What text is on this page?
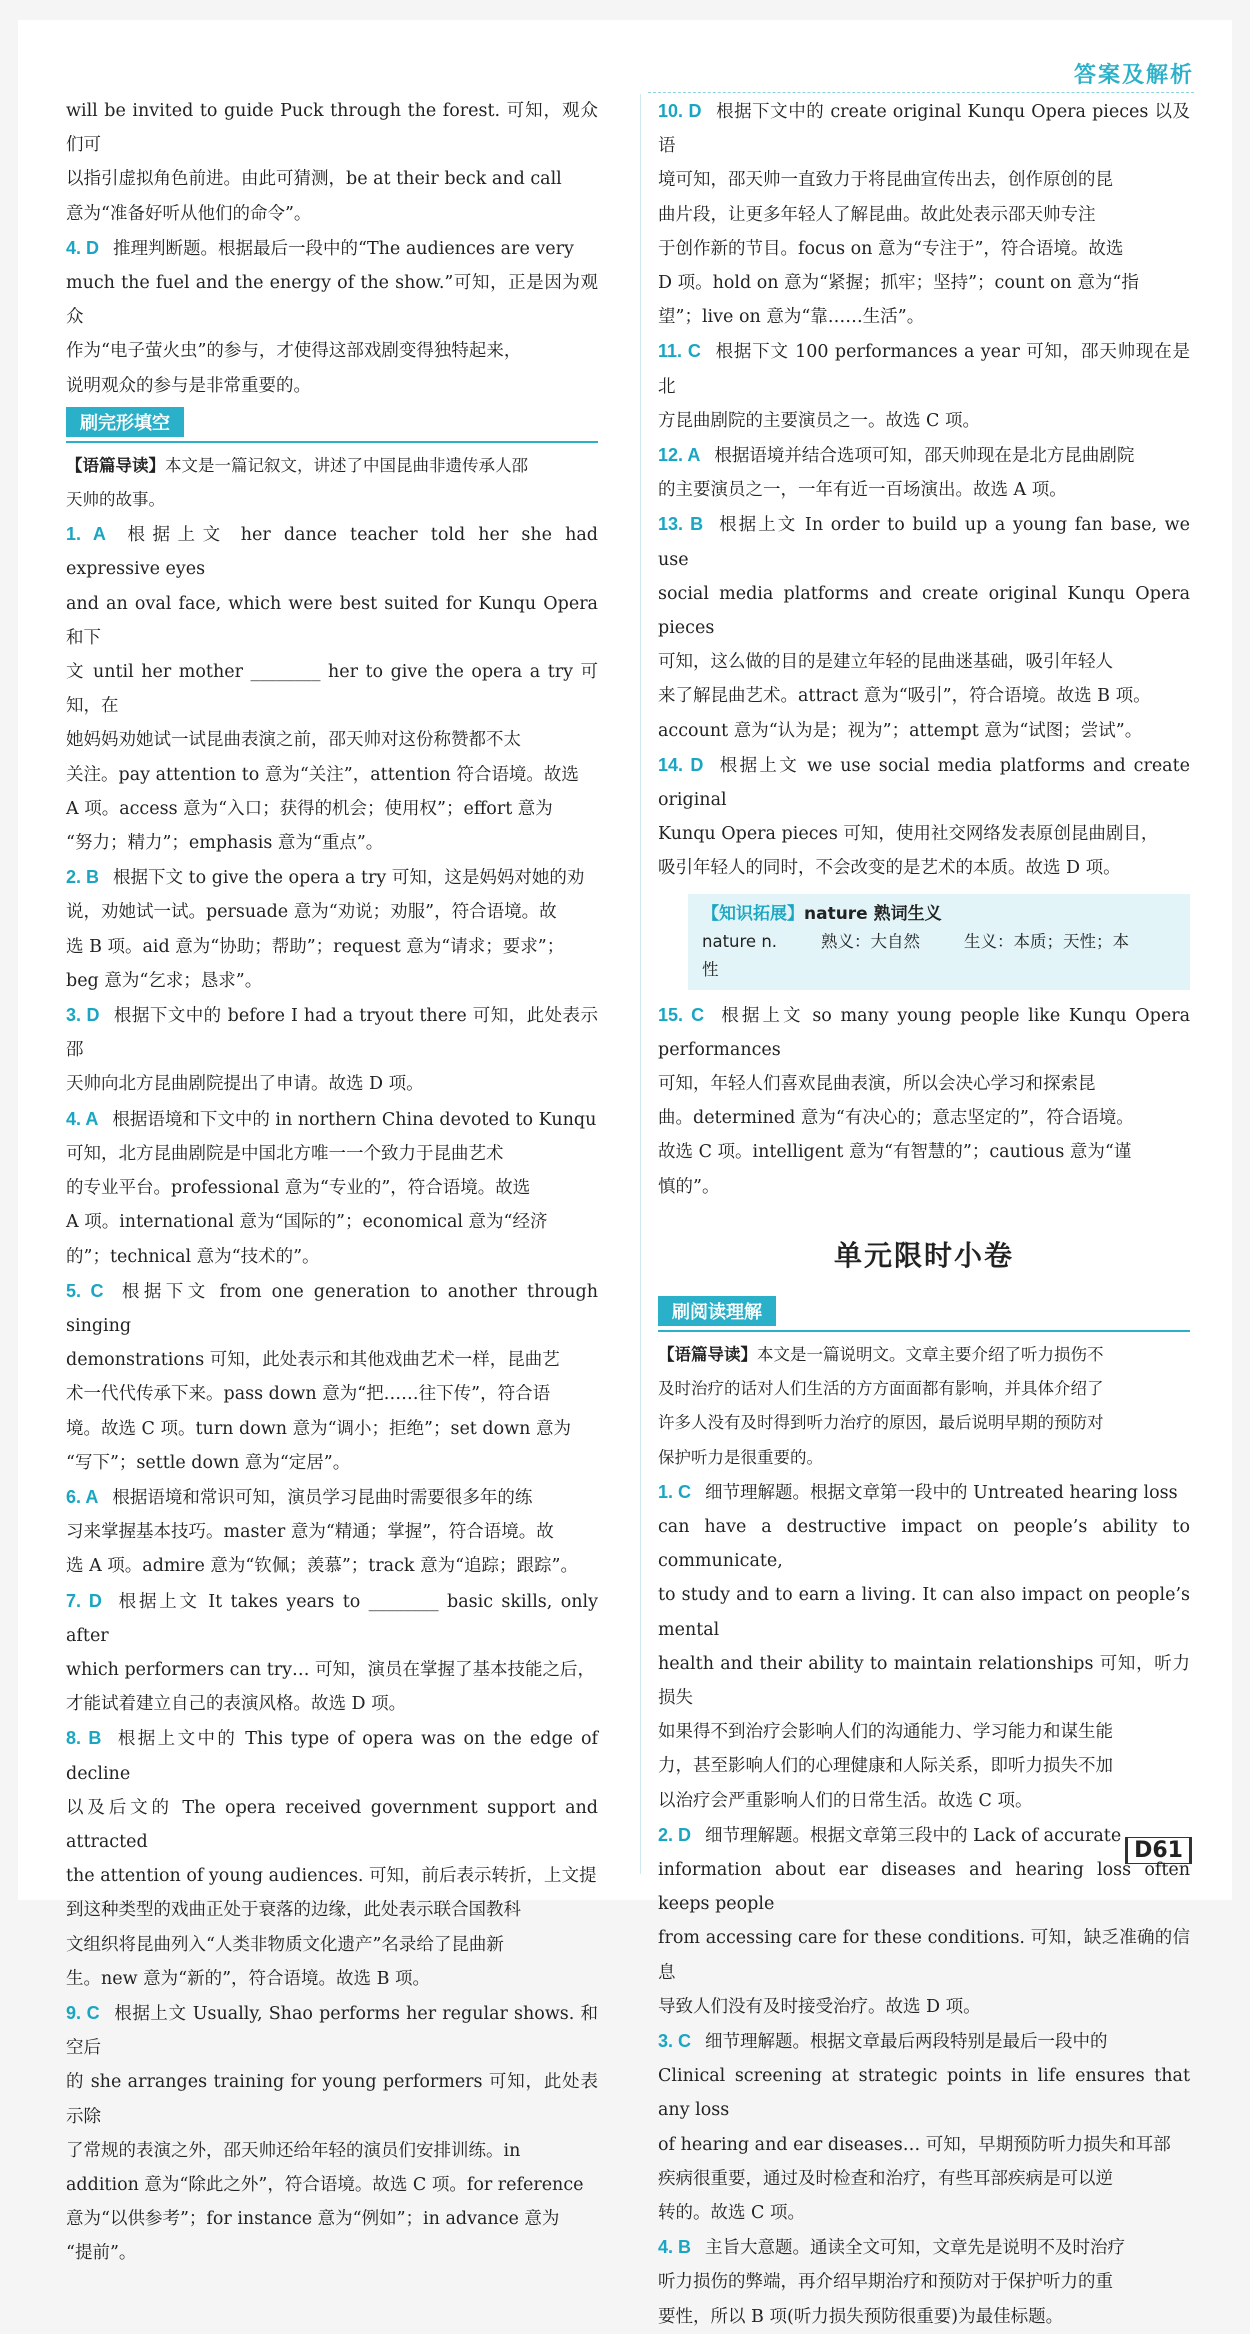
答案及解析

will be invited to guide Puck through the forest. 可知，观众们可

以指引虚拟角色前进。由此可猜测，be at their beck and call

意为“准备好听从他们的命令”。

4. D 推理判断题。根据最后一段中的“The audiences are very

much the fuel and the energy of the show.”可知，正是因为观众

作为“电子萤火虫”的参与，才使得这部戏剧变得独特起来，

说明观众的参与是非常重要的。

刷完形填空
【语篇导读】本文是一篇记叙文，讲述了中国昆曲非遗传承人邵
天帅的故事。

1. A 根据上文 her dance teacher told her she had expressive eyes

and an oval face, which were best suited for Kunqu Opera 和下

文 until her mother ________ her to give the opera a try 可知，在

她妈妈劝她试一试昆曲表演之前，邵天帅对这份称赞都不太

关注。pay attention to 意为“关注”，attention 符合语境。故选

A 项。access 意为“入口；获得的机会；使用权”；effort 意为

“努力；精力”；emphasis 意为“重点”。

2. B 根据下文 to give the opera a try 可知，这是妈妈对她的劝

说，劝她试一试。persuade 意为“劝说；劝服”，符合语境。故

选 B 项。aid 意为“协助；帮助”；request 意为“请求；要求”；

beg 意为“乞求；恳求”。

3. D 根据下文中的 before I had a tryout there 可知，此处表示邵

天帅向北方昆曲剧院提出了申请。故选 D 项。

4. A 根据语境和下文中的 in northern China devoted to Kunqu

可知，北方昆曲剧院是中国北方唯一一个致力于昆曲艺术

的专业平台。professional 意为“专业的”，符合语境。故选

A 项。international 意为“国际的”；economical 意为“经济

的”；technical 意为“技术的”。

5. C 根据下文 from one generation to another through singing

demonstrations 可知，此处表示和其他戏曲艺术一样，昆曲艺

术一代代传承下来。pass down 意为“把……往下传”，符合语

境。故选 C 项。turn down 意为“调小；拒绝”；set down 意为

“写下”；settle down 意为“定居”。

6. A 根据语境和常识可知，演员学习昆曲时需要很多年的练

习来掌握基本技巧。master 意为“精通；掌握”，符合语境。故

选 A 项。admire 意为“钦佩；羡慕”；track 意为“追踪；跟踪”。

7. D 根据上文 It takes years to ________ basic skills, only after

which performers can try… 可知，演员在掌握了基本技能之后，

才能试着建立自己的表演风格。故选 D 项。

8. B 根据上文中的 This type of opera was on the edge of decline

以及后文的 The opera received government support and attracted

the attention of young audiences. 可知，前后表示转折，上文提

到这种类型的戏曲正处于衰落的边缘，此处表示联合国教科

文组织将昆曲列入“人类非物质文化遗产”名录给了昆曲新

生。new 意为“新的”，符合语境。故选 B 项。

9. C 根据上文 Usually, Shao performs her regular shows. 和空后

的 she arranges training for young performers 可知，此处表示除

了常规的表演之外，邵天帅还给年轻的演员们安排训练。in

addition 意为“除此之外”，符合语境。故选 C 项。for reference

意为“以供参考”；for instance 意为“例如”；in advance 意为

“提前”。

10. D 根据下文中的 create original Kunqu Opera pieces 以及语

境可知，邵天帅一直致力于将昆曲宣传出去，创作原创的昆

曲片段，让更多年轻人了解昆曲。故此处表示邵天帅专注

于创作新的节目。focus on 意为“专注于”，符合语境。故选

D 项。hold on 意为“紧握；抓牢；坚持”；count on 意为“指

望”；live on 意为“靠……生活”。

11. C 根据下文 100 performances a year 可知，邵天帅现在是北

方昆曲剧院的主要演员之一。故选 C 项。

12. A 根据语境并结合选项可知，邵天帅现在是北方昆曲剧院

的主要演员之一，一年有近一百场演出。故选 A 项。

13. B 根据上文 In order to build up a young fan base, we use

social media platforms and create original Kunqu Opera pieces

可知，这么做的目的是建立年轻的昆曲迷基础，吸引年轻人

来了解昆曲艺术。attract 意为“吸引”，符合语境。故选 B 项。

account 意为“认为是；视为”；attempt 意为“试图；尝试”。

14. D 根据上文 we use social media platforms and create original

Kunqu Opera pieces 可知，使用社交网络发表原创昆曲剧目，

吸引年轻人的同时，不会改变的是艺术的本质。故选 D 项。

【知识拓展】nature 熟词生义
nature n.	熟义：大自然	生义：本质；天性；本性

15. C 根据上文 so many young people like Kunqu Opera performances

可知，年轻人们喜欢昆曲表演，所以会决心学习和探索昆

曲。determined 意为“有决心的；意志坚定的”，符合语境。

故选 C 项。intelligent 意为“有智慧的”；cautious 意为“谨

慎的”。

单元限时小卷
刷阅读理解
【语篇导读】本文是一篇说明文。文章主要介绍了听力损伤不
及时治疗的话对人们生活的方方面面都有影响，并具体介绍了
许多人没有及时得到听力治疗的原因，最后说明早期的预防对
保护听力是很重要的。

1. C 细节理解题。根据文章第一段中的 Untreated hearing loss

can have a destructive impact on people’s ability to communicate,

to study and to earn a living. It can also impact on people’s mental

health and their ability to maintain relationships 可知，听力损失

如果得不到治疗会影响人们的沟通能力、学习能力和谋生能

力，甚至影响人们的心理健康和人际关系，即听力损失不加

以治疗会严重影响人们的日常生活。故选 C 项。

2. D 细节理解题。根据文章第三段中的 Lack of accurate

information about ear diseases and hearing loss often keeps people

from accessing care for these conditions. 可知，缺乏准确的信息

导致人们没有及时接受治疗。故选 D 项。

3. C 细节理解题。根据文章最后两段特别是最后一段中的

Clinical screening at strategic points in life ensures that any loss

of hearing and ear diseases… 可知，早期预防听力损失和耳部

疾病很重要，通过及时检查和治疗，有些耳部疾病是可以逆

转的。故选 C 项。

4. B 主旨大意题。通读全文可知，文章先是说明不及时治疗

听力损伤的弊端，再介绍早期治疗和预防对于保护听力的重

要性，所以 B 项(听力损失预防很重要)为最佳标题。

D61
